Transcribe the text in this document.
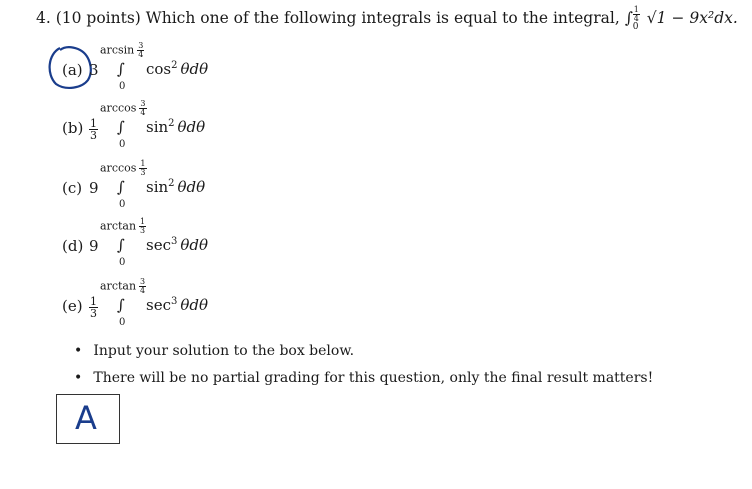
4. (10 points) Which one of the following integrals is equal to the integral, ∫ $\frac{1}{4}$
0 √1 − 9x²dx.
$\arcsin \frac{3}{4}$
(a) 3 ∫
0
$\cos^2 \theta d\theta$
$\arccos \frac{3}{4}$
$(b) \frac{1}{3}$ ∫
0
$\sin^2 \theta d\theta$
$\arccos \frac{1}{3}$
(c) 9 ∫
0
$\sin^2 \theta d\theta$
$\arctan \frac{1}{3}$
(d) 9 ∫
0
$\sec^3 \theta d\theta$
$\arctan \frac{3}{4}$
$(e) \frac{1}{3}$ ∫
0
$\sec^3 \theta d\theta$
• Input your solution to the box below.
• There will be no partial grading for this question, only the final result matters!
A
